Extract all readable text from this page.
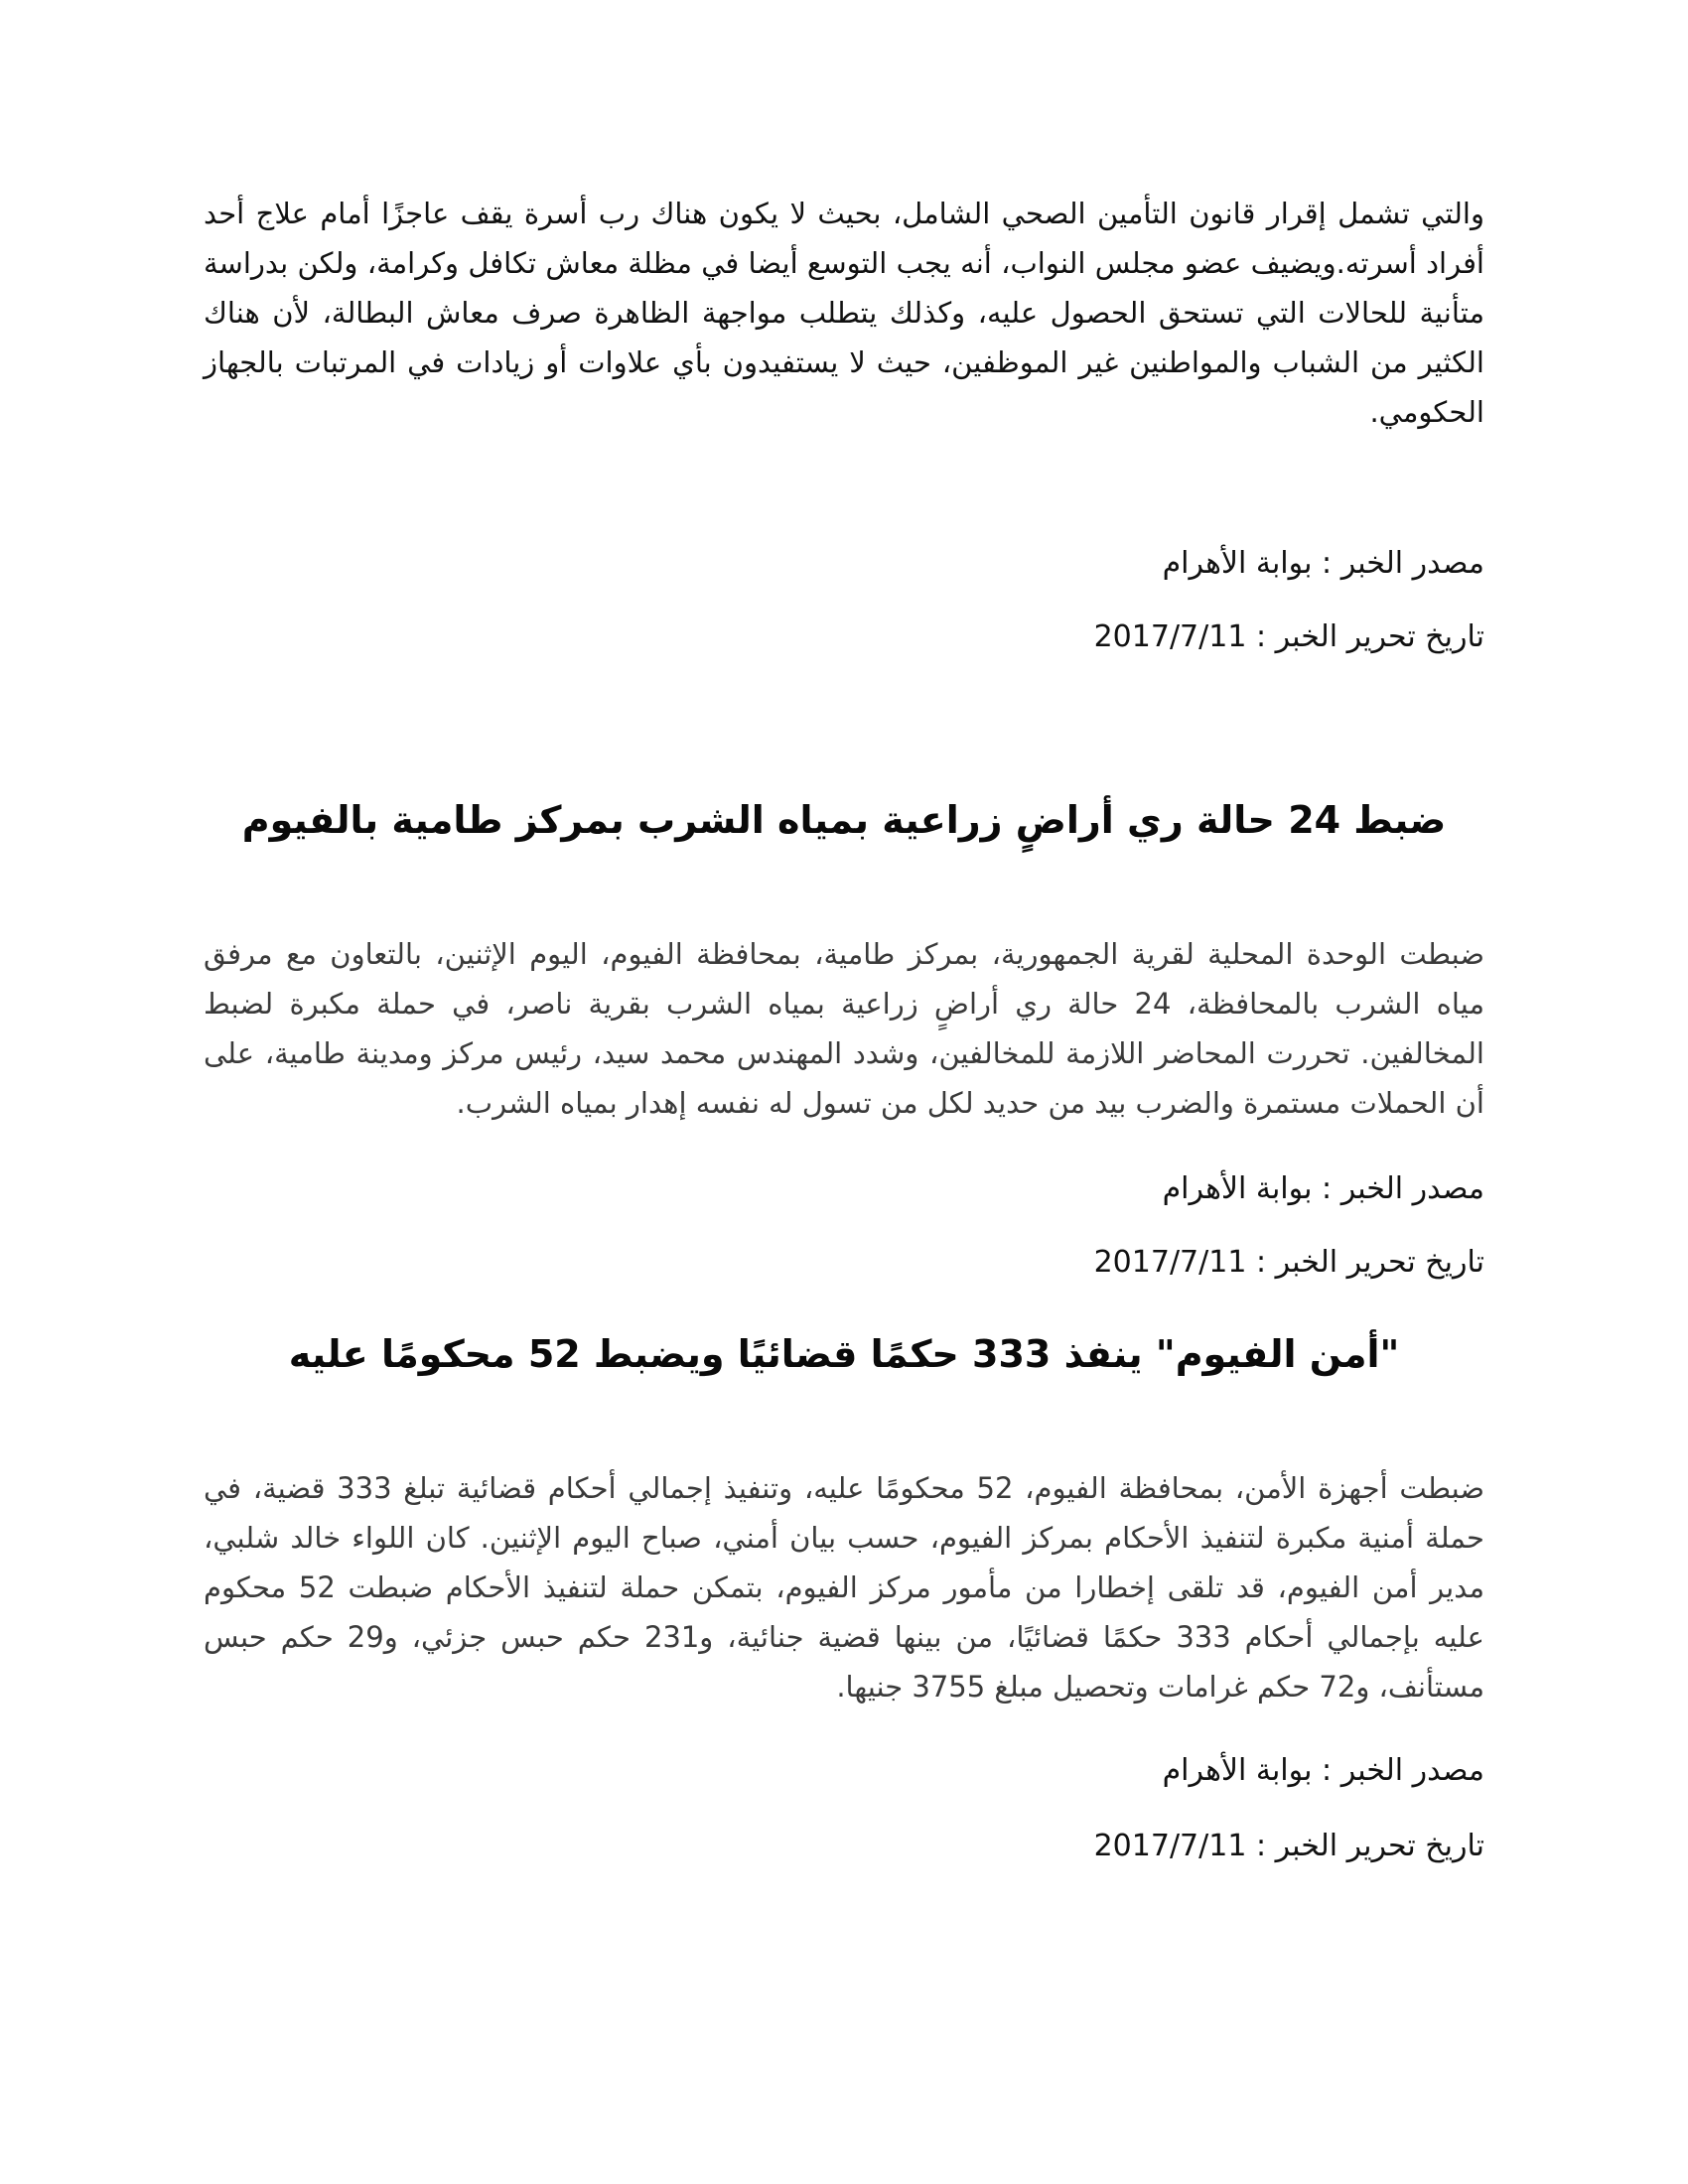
والتي تشمل إقرار قانون التأمين الصحي الشامل، بحيث لا يكون هناك رب أسرة يقف عاجزًا أمام علاج أحد أفراد أسرته.ويضيف عضو مجلس النواب، أنه يجب التوسع أيضا في مظلة معاش تكافل وكرامة، ولكن بدراسة متأنية للحالات التي تستحق الحصول عليه، وكذلك يتطلب مواجهة الظاهرة صرف معاش البطالة، لأن هناك الكثير من الشباب والمواطنين غير الموظفين، حيث لا يستفيدون بأي علاوات أو زيادات في المرتبات بالجهاز الحكومي.

مصدر الخبر : بوابة الأهرام

تاريخ تحرير الخبر : 2017/7/11

ضبط 24 حالة ري أراضٍ زراعية بمياه الشرب بمركز طامية بالفيوم

ضبطت الوحدة المحلية لقرية الجمهورية، بمركز طامية، بمحافظة الفيوم، اليوم الإثنين، بالتعاون مع مرفق مياه الشرب بالمحافظة، 24 حالة ري أراضٍ زراعية بمياه الشرب بقرية ناصر، في حملة مكبرة لضبط المخالفين. تحررت المحاضر اللازمة للمخالفين، وشدد المهندس محمد سيد، رئيس مركز ومدينة طامية، على أن الحملات مستمرة والضرب بيد من حديد لكل من تسول له نفسه إهدار بمياه الشرب.

مصدر الخبر : بوابة الأهرام

تاريخ تحرير الخبر : 2017/7/11

"أمن الفيوم" ينفذ 333 حكمًا قضائيًا ويضبط 52 محكومًا عليه

ضبطت أجهزة الأمن، بمحافظة الفيوم، 52 محكومًا عليه، وتنفيذ إجمالي أحكام قضائية تبلغ 333 قضية، في حملة أمنية مكبرة لتنفيذ الأحكام بمركز الفيوم، حسب بيان أمني، صباح اليوم الإثنين. كان اللواء خالد شلبي، مدير أمن الفيوم، قد تلقى إخطارا من مأمور مركز الفيوم، بتمكن حملة لتنفيذ الأحكام ضبطت 52 محكوم عليه بإجمالي أحكام 333 حكمًا قضائيًا، من بينها قضية جنائية، و231 حكم حبس جزئي، و29 حكم حبس مستأنف، و72 حكم غرامات وتحصيل مبلغ 3755 جنيها.

مصدر الخبر : بوابة الأهرام

تاريخ تحرير الخبر : 2017/7/11
